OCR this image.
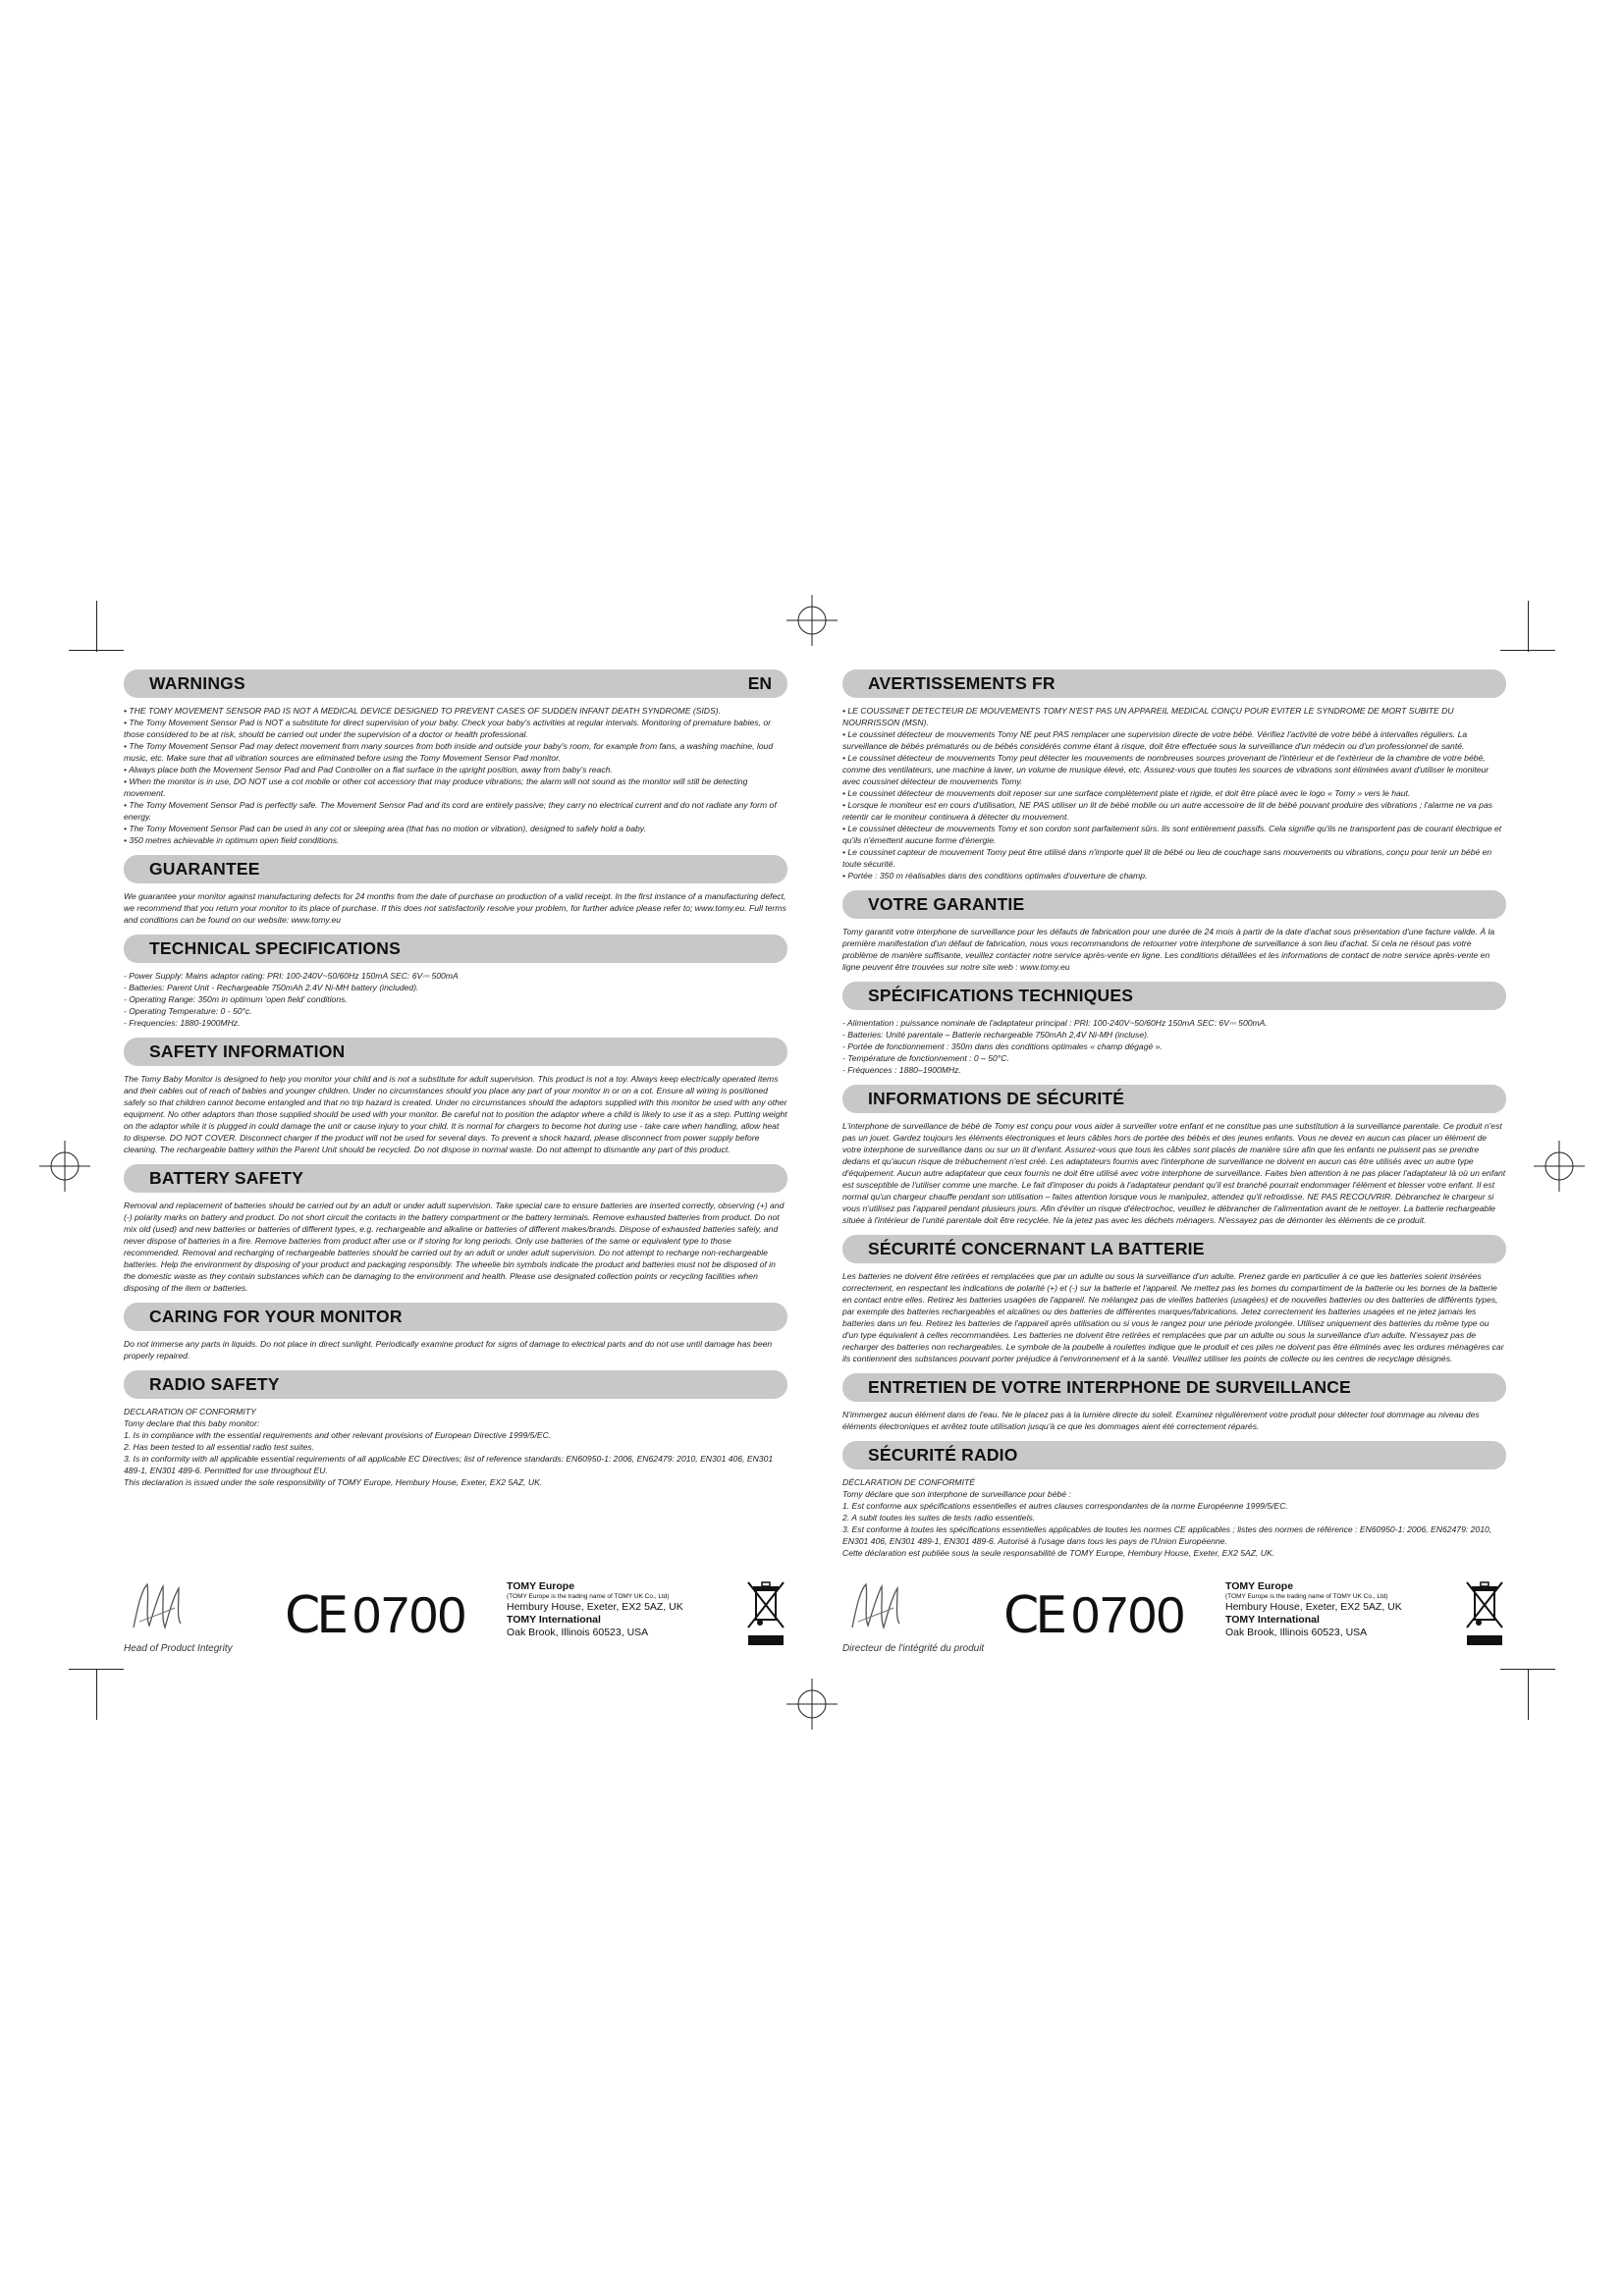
WARNINGS	EN
• THE TOMY MOVEMENT SENSOR PAD IS NOT A MEDICAL DEVICE DESIGNED TO PREVENT CASES OF SUDDEN INFANT DEATH SYNDROME (SIDS).
• The Tomy Movement Sensor Pad is NOT a substitute for direct supervision of your baby. Check your baby's activities at regular intervals. Monitoring of premature babies, or those considered to be at risk, should be carried out under the supervision of a doctor or health professional.
• The Tomy Movement Sensor Pad may detect movement from many sources from both inside and outside your baby's room, for example from fans, a washing machine, loud music, etc. Make sure that all vibration sources are eliminated before using the Tomy Movement Sensor Pad monitor.
• Always place both the Movement Sensor Pad and Pad Controller on a flat surface in the upright position, away from baby's reach.
• When the monitor is in use, DO NOT use a cot mobile or other cot accessory that may produce vibrations; the alarm will not sound as the monitor will still be detecting movement.
• The Tomy Movement Sensor Pad is perfectly safe. The Movement Sensor Pad and its cord are entirely passive; they carry no electrical current and do not radiate any form of energy.
• The Tomy Movement Sensor Pad can be used in any cot or sleeping area (that has no motion or vibration), designed to safely hold a baby.
• 350 metres achievable in optimum open field conditions.
GUARANTEE
We guarantee your monitor against manufacturing defects for 24 months from the date of purchase on production of a valid receipt. In the first instance of a manufacturing defect, we recommend that you return your monitor to its place of purchase. If this does not satisfactorily resolve your problem, for further advice please refer to; www.tomy.eu. Full terms and conditions can be found on our website: www.tomy.eu
TECHNICAL SPECIFICATIONS
- Power Supply: Mains adaptor rating: PRI: 100-240V~50/60Hz 150mA SEC: 6V⎓ 500mA
- Batteries: Parent Unit - Rechargeable 750mAh 2.4V Ni-MH battery (included).
- Operating Range: 350m in optimum 'open field' conditions.
- Operating Temperature: 0 - 50°c.
- Frequencies: 1880-1900MHz.
SAFETY INFORMATION
The Tomy Baby Monitor is designed to help you monitor your child and is not a substitute for adult supervision. This product is not a toy. Always keep electrically operated items and their cables out of reach of babies and younger children. Under no circumstances should you place any part of your monitor in or on a cot. Ensure all wiring is positioned safely so that children cannot become entangled and that no trip hazard is created. Under no circumstances should the adaptors supplied with this monitor be used with any other equipment. No other adaptors than those supplied should be used with your monitor. Be careful not to position the adaptor where a child is likely to use it as a step. Putting weight on the adaptor while it is plugged in could damage the unit or cause injury to your child. It is normal for chargers to become hot during use - take care when handling, allow heat to disperse. DO NOT COVER. Disconnect charger if the product will not be used for several days. To prevent a shock hazard, please disconnect from power supply before cleaning. The rechargeable battery within the Parent Unit should be recycled. Do not dispose in normal waste. Do not attempt to dismantle any part of this product.
BATTERY SAFETY
Removal and replacement of batteries should be carried out by an adult or under adult supervision. Take special care to ensure batteries are inserted correctly, observing (+) and (-) polarity marks on battery and product. Do not short circuit the contacts in the battery compartment or the battery terminals. Remove exhausted batteries from product. Do not mix old (used) and new batteries or batteries of different types, e.g. rechargeable and alkaline or batteries of different makes/brands. Dispose of exhausted batteries safely, and never dispose of batteries in a fire. Remove batteries from product after use or if storing for long periods. Only use batteries of the same or equivalent type to those recommended. Removal and recharging of rechargeable batteries should be carried out by an adult or under adult supervision. Do not attempt to recharge non-rechargeable batteries. Help the environment by disposing of your product and packaging responsibly. The wheelie bin symbols indicate the product and batteries must not be disposed of in the domestic waste as they contain substances which can be damaging to the environment and health. Please use designated collection points or recycling facilities when disposing of the item or batteries.
CARING FOR YOUR MONITOR
Do not immerse any parts in liquids. Do not place in direct sunlight. Periodically examine product for signs of damage to electrical parts and do not use until damage has been properly repaired.
RADIO SAFETY
DECLARATION OF CONFORMITY
Tomy declare that this baby monitor:
1. Is in compliance with the essential requirements and other relevant provisions of European Directive 1999/5/EC.
2. Has been tested to all essential radio test suites.
3. Is in conformity with all applicable essential requirements of all applicable EC Directives; list of reference standards: EN60950-1: 2006, EN62479: 2010, EN301 406, EN301 489-1, EN301 489-6. Permitted for use throughout EU.
This declaration is issued under the sole responsibility of TOMY Europe, Hembury House, Exeter, EX2 5AZ, UK.
AVERTISSEMENTS FR
• LE COUSSINET DETECTEUR DE MOUVEMENTS TOMY N'EST PAS UN APPAREIL MEDICAL CONÇU POUR EVITER LE SYNDROME DE MORT SUBITE DU NOURRISSON (MSN).
• Le coussinet détecteur de mouvements Tomy NE peut PAS remplacer une supervision directe de votre bébé. Vérifiez l'activité de votre bébé à intervalles réguliers. La surveillance de bébés prématurés ou de bébés considérés comme étant à risque, doit être effectuée sous la surveillance d'un médecin ou d'un professionnel de santé.
• Le coussinet détecteur de mouvements Tomy peut détecter les mouvements de nombreuses sources provenant de l'intérieur et de l'extérieur de la chambre de votre bébé, comme des ventilateurs, une machine à laver, un volume de musique élevé, etc. Assurez-vous que toutes les sources de vibrations sont éliminées avant d'utiliser le moniteur avec coussinet détecteur de mouvements Tomy.
• Le coussinet détecteur de mouvements doit reposer sur une surface complètement plate et rigide, et doit être placé avec le logo « Tomy » vers le haut.
• Lorsque le moniteur est en cours d'utilisation, NE PAS utiliser un lit de bébé mobile ou un autre accessoire de lit de bébé pouvant produire des vibrations ; l'alarme ne va pas retentir car le moniteur continuera à détecter du mouvement.
• Le coussinet détecteur de mouvements Tomy et son cordon sont parfaitement sûrs. Ils sont entièrement passifs. Cela signifie qu'ils ne transportent pas de courant électrique et qu'ils n'émettent aucune forme d'énergie.
• Le coussinet capteur de mouvement Tomy peut être utilisé dans n'importe quel lit de bébé ou lieu de couchage sans mouvements ou vibrations, conçu pour tenir un bébé en toute sécurité.
• Portée : 350 m réalisables dans des conditions optimales d'ouverture de champ.
VOTRE GARANTIE
Tomy garantit votre interphone de surveillance pour les défauts de fabrication pour une durée de 24 mois à partir de la date d'achat sous présentation d'une facture valide. À la première manifestation d'un défaut de fabrication, nous vous recommandons de retourner votre interphone de surveillance à son lieu d'achat. Si cela ne résout pas votre problème de manière suffisante, veuillez contacter notre service après-vente en ligne. Les conditions détaillées et les informations de contact de notre service après-vente en ligne peuvent être trouvées sur notre site web : www.tomy.eu
SPÉCIFICATIONS TECHNIQUES
- Alimentation : puissance nominale de l'adaptateur principal : PRI: 100-240V~50/60Hz 150mA SEC: 6V⎓ 500mA.
- Batteries: Unité parentale – Batterie rechargeable 750mAh 2,4V Ni-MH (incluse).
- Portée de fonctionnement : 350m dans des conditions optimales « champ dégagé ».
- Température de fonctionnement : 0 – 50°C.
- Fréquences : 1880–1900MHz.
INFORMATIONS DE SÉCURITÉ
L'interphone de surveillance de bébé de Tomy est conçu pour vous aider à surveiller votre enfant et ne constitue pas une substitution à la surveillance parentale. Ce produit n'est pas un jouet. Gardez toujours les éléments électroniques et leurs câbles hors de portée des bébés et des jeunes enfants. Vous ne devez en aucun cas placer un élément de votre interphone de surveillance dans ou sur un lit d'enfant. Assurez-vous que tous les câbles sont placés de manière sûre afin que les enfants ne puissent pas se prendre dedans et qu'aucun risque de trébuchement n'est créé. Les adaptateurs fournis avec l'interphone de surveillance ne doivent en aucun cas être utilisés avec un autre type d'équipement. Aucun autre adaptateur que ceux fournis ne doit être utilisé avec votre interphone de surveillance. Faites bien attention à ne pas placer l'adaptateur là où un enfant est susceptible de l'utiliser comme une marche. Le fait d'imposer du poids à l'adaptateur pendant qu'il est branché pourrait endommager l'élément et blesser votre enfant. Il est normal qu'un chargeur chauffe pendant son utilisation – faites attention lorsque vous le manipulez, attendez qu'il refroidisse. NE PAS RECOUVRIR. Débranchez le chargeur si vous n'utilisez pas l'appareil pendant plusieurs jours. Afin d'éviter un risque d'électrochoc, veuillez le débrancher de l'alimentation avant de le nettoyer. La batterie rechargeable située à l'intérieur de l'unité parentale doit être recyclée. Ne la jetez pas avec les déchets ménagers. N'essayez pas de démonter les éléments de ce produit.
SÉCURITÉ CONCERNANT LA BATTERIE
Les batteries ne doivent être retirées et remplacées que par un adulte ou sous la surveillance d'un adulte. Prenez garde en particulier à ce que les batteries soient insérées correctement, en respectant les indications de polarité (+) et (-) sur la batterie et l'appareil. Ne mettez pas les bornes du compartiment de la batterie ou les bornes de la batterie en contact entre elles. Retirez les batteries usagées de l'appareil. Ne mélangez pas de vieilles batteries (usagées) et de nouvelles batteries ou des batteries de différents types, par exemple des batteries rechargeables et alcalines ou des batteries de différentes marques/fabrications. Jetez correctement les batteries usagées et ne jetez jamais les batteries dans un feu. Retirez les batteries de l'appareil après utilisation ou si vous le rangez pour une période prolongée. Utilisez uniquement des batteries du même type ou d'un type équivalent à celles recommandées. Les batteries ne doivent être retirées et remplacées que par un adulte ou sous la surveillance d'un adulte. N'essayez pas de recharger des batteries non rechargeables. Le symbole de la poubelle à roulettes indique que le produit et ces piles ne doivent pas être éliminés avec les ordures ménagères car ils contiennent des substances pouvant porter préjudice à l'environnement et à la santé. Veuillez utiliser les points de collecte ou les centres de recyclage désignés.
ENTRETIEN DE VOTRE INTERPHONE DE SURVEILLANCE
N'immergez aucun élément dans de l'eau. Ne le placez pas à la lumière directe du soleil. Examinez régulièrement votre produit pour détecter tout dommage au niveau des éléments électroniques et arrêtez toute utilisation jusqu'à ce que les dommages aient été correctement réparés.
SÉCURITÉ RADIO
DÉCLARATION DE CONFORMITÉ
Tomy déclare que son interphone de surveillance pour bébé :
1. Est conforme aux spécifications essentielles et autres clauses correspondantes de la norme Européenne 1999/5/EC.
2. A subit toutes les suites de tests radio essentiels.
3. Est conforme à toutes les spécifications essentielles applicables de toutes les normes CE applicables ; listes des normes de référence : EN60950-1: 2006, EN62479: 2010, EN301 406, EN301 489-1, EN301 489-6. Autorisé à l'usage dans tous les pays de l'Union Européenne.
Cette déclaration est publiée sous la seule responsabilité de TOMY Europe, Hembury House, Exeter, EX2 5AZ, UK.
Head of Product Integrity
CE 0700
TOMY Europe
(TOMY Europe is the trading name of TOMY UK Co., Ltd)
Hembury House, Exeter, EX2 5AZ, UK
TOMY International
Oak Brook, Illinois 60523, USA
Directeur de l'intégrité du produit
CE 0700
TOMY Europe
(TOMY Europe is the trading name of TOMY UK Co., Ltd)
Hembury House, Exeter, EX2 5AZ, UK
TOMY International
Oak Brook, Illinois 60523, USA
